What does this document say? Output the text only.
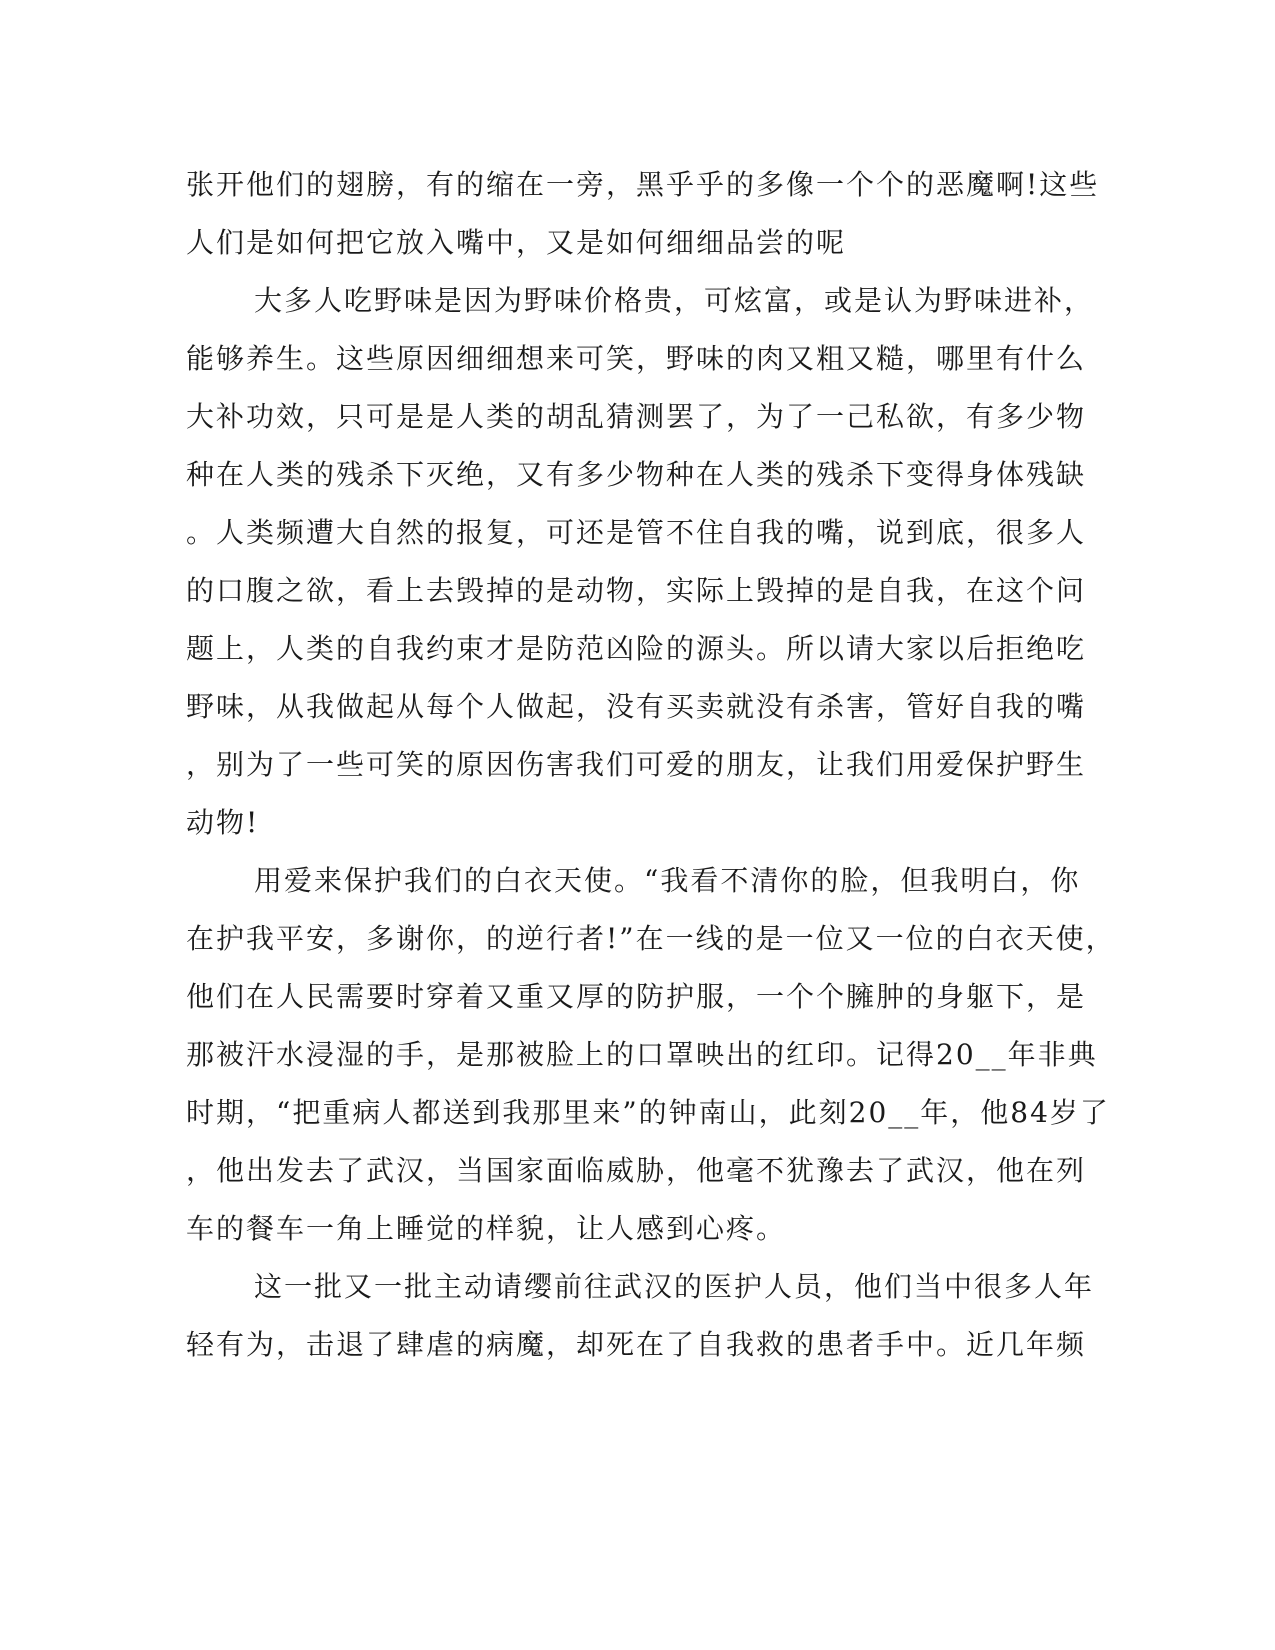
张开他们的翅膀，有的缩在一旁，黑乎乎的多像一个个的恶魔啊!这些
人们是如何把它放入嘴中，又是如何细细品尝的呢
大多人吃野味是因为野味价格贵，可炫富，或是认为野味进补，
能够养生。这些原因细细想来可笑，野味的肉又粗又糙，哪里有什么
大补功效，只可是是人类的胡乱猜测罢了，为了一己私欲，有多少物
种在人类的残杀下灭绝，又有多少物种在人类的残杀下变得身体残缺
。人类频遭大自然的报复，可还是管不住自我的嘴，说到底，很多人
的口腹之欲，看上去毁掉的是动物，实际上毁掉的是自我，在这个问
题上，人类的自我约束才是防范凶险的源头。所以请大家以后拒绝吃
野味，从我做起从每个人做起，没有买卖就没有杀害，管好自我的嘴
，别为了一些可笑的原因伤害我们可爱的朋友，让我们用爱保护野生
动物!
用爱来保护我们的白衣天使。“我看不清你的脸，但我明白，你
在护我平安，多谢你，的逆行者!”在一线的是一位又一位的白衣天使，
他们在人民需要时穿着又重又厚的防护服，一个个臃肿的身躯下，是
那被汗水浸湿的手，是那被脸上的口罩映出的红印。记得20__年非典
时期，“把重病人都送到我那里来”的钟南山，此刻20__年，他84岁了
，他出发去了武汉，当国家面临威胁，他毫不犹豫去了武汉，他在列
车的餐车一角上睡觉的样貌，让人感到心疼。
这一批又一批主动请缨前往武汉的医护人员，他们当中很多人年
轻有为，击退了肆虐的病魔，却死在了自我救的患者手中。近几年频
